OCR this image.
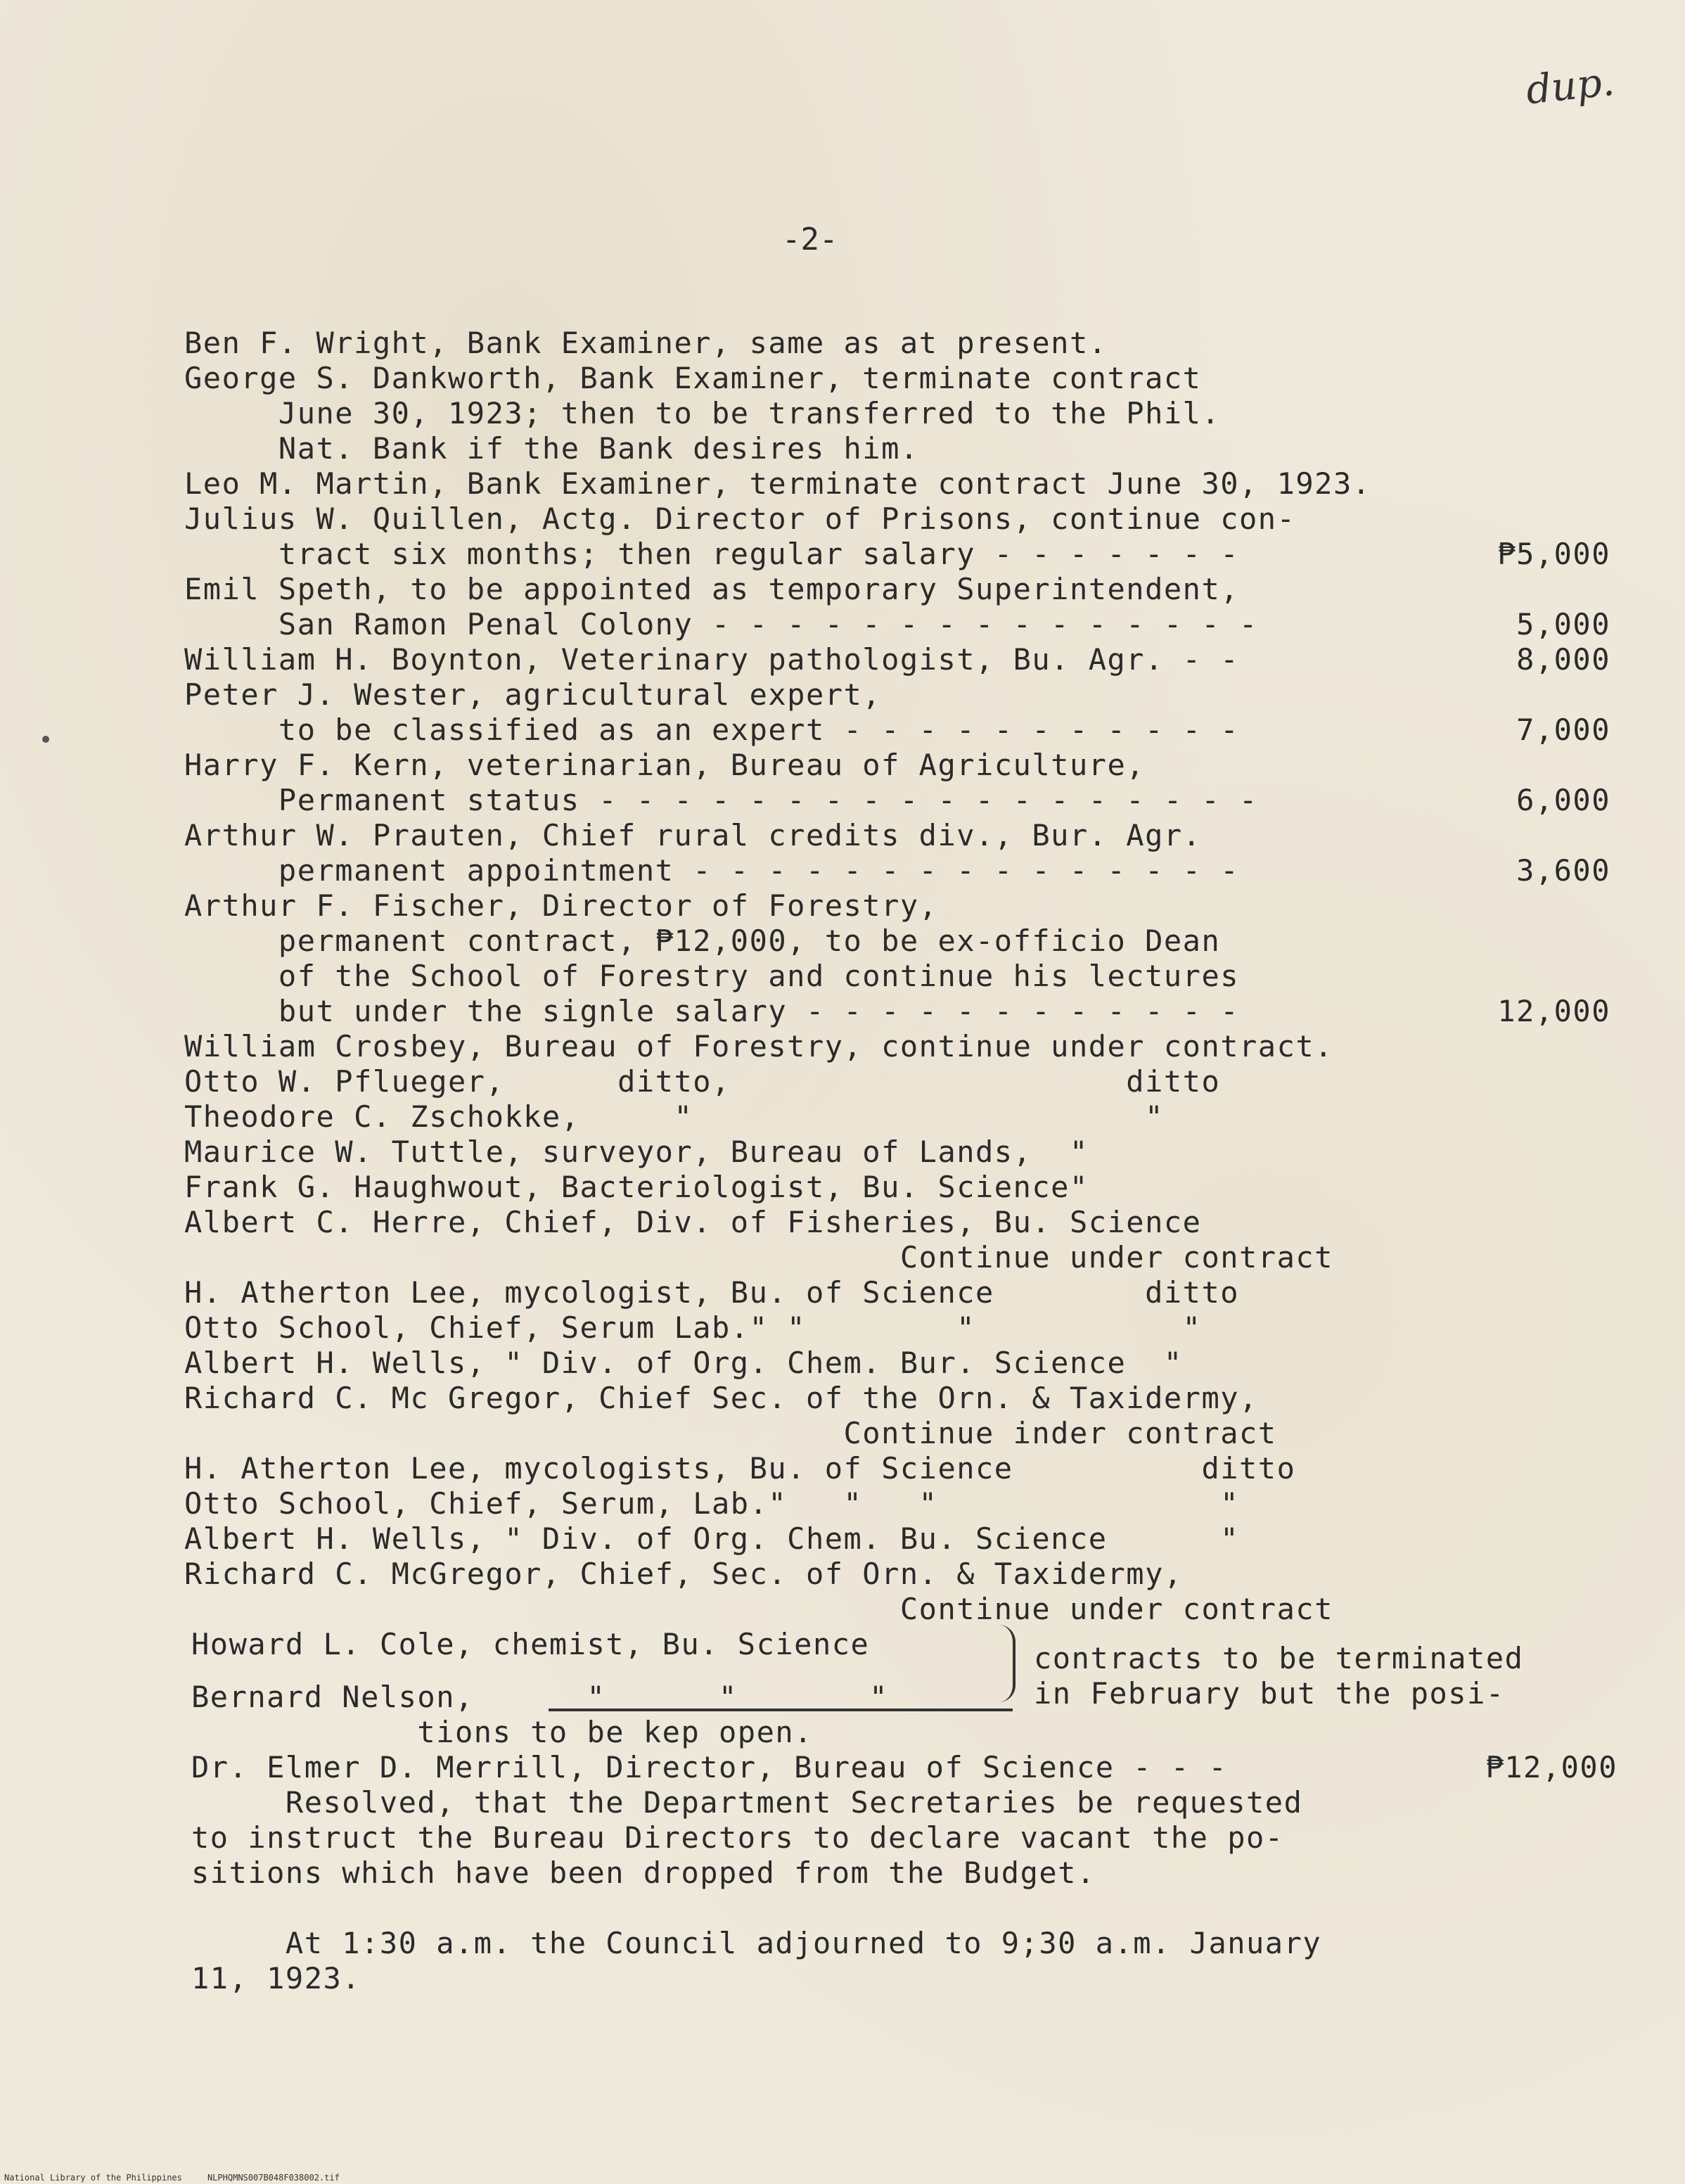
dup.
-2-
Ben F. Wright, Bank Examiner, same as at present.
George S. Dankworth, Bank Examiner, terminate contract
June 30, 1923; then to be transferred to the Phil.
Nat. Bank if the Bank desires him.
Leo M. Martin, Bank Examiner, terminate contract June 30, 1923.
Julius W. Quillen, Actg. Director of Prisons, continue con-
tract six months; then regular salary - - - - - - -	₱5,000
Emil Speth, to be appointed as temporary Superintendent,
San Ramon Penal Colony - - - - - - - - - - - - - - -	5,000
William H. Boynton, Veterinary pathologist, Bu. Agr. - -	8,000
Peter J. Wester, agricultural expert,
to be classified as an expert - - - - - - - - - - -	7,000
Harry F. Kern, veterinarian, Bureau of Agriculture,
Permanent status - - - - - - - - - - - - - - - - - -	6,000
Arthur W. Prauten, Chief rural credits div., Bur. Agr.
permanent appointment - - - - - - - - - - - - - - -	3,600
Arthur F. Fischer, Director of Forestry,
permanent contract, ₱12,000, to be ex-officio Dean
of the School of Forestry and continue his lectures
but under the signle salary - - - - - - - - - - - -	12,000
William Crosbey, Bureau of Forestry, continue under contract.
Otto W. Pflueger,      ditto,                     ditto
Theodore C. Zschokke,     "                        "
Maurice W. Tuttle, surveyor, Bureau of Lands,  "
Frank G. Haughwout, Bacteriologist, Bu. Science"
Albert C. Herre, Chief, Div. of Fisheries, Bu. Science
Continue under contract
H. Atherton Lee, mycologist, Bu. of Science        ditto
Otto School, Chief, Serum Lab." "        "           "
Albert H. Wells, " Div. of Org. Chem. Bur. Science  "
Richard C. Mc Gregor, Chief Sec. of the Orn. & Taxidermy,
Continue inder contract
H. Atherton Lee, mycologists, Bu. of Science          ditto
Otto School, Chief, Serum, Lab."   "   "               "
Albert H. Wells, " Div. of Org. Chem. Bu. Science      "
Richard C. McGregor, Chief, Sec. of Orn. & Taxidermy,
Continue under contract
Howard L. Cole, chemist, Bu. Science
Bernard Nelson,      "      "       "
contracts to be terminated
in February but the posi-
tions to be kep open.
Dr. Elmer D. Merrill, Director, Bureau of Science - - -	₱12,000
Resolved, that the Department Secretaries be requested
to instruct the Bureau Directors to declare vacant the po-
sitions which have been dropped from the Budget.
At 1:30 a.m. the Council adjourned to 9;30 a.m. January
11, 1923.
National Library of the Philippines     NLPHQMNS007B048F038002.tif
